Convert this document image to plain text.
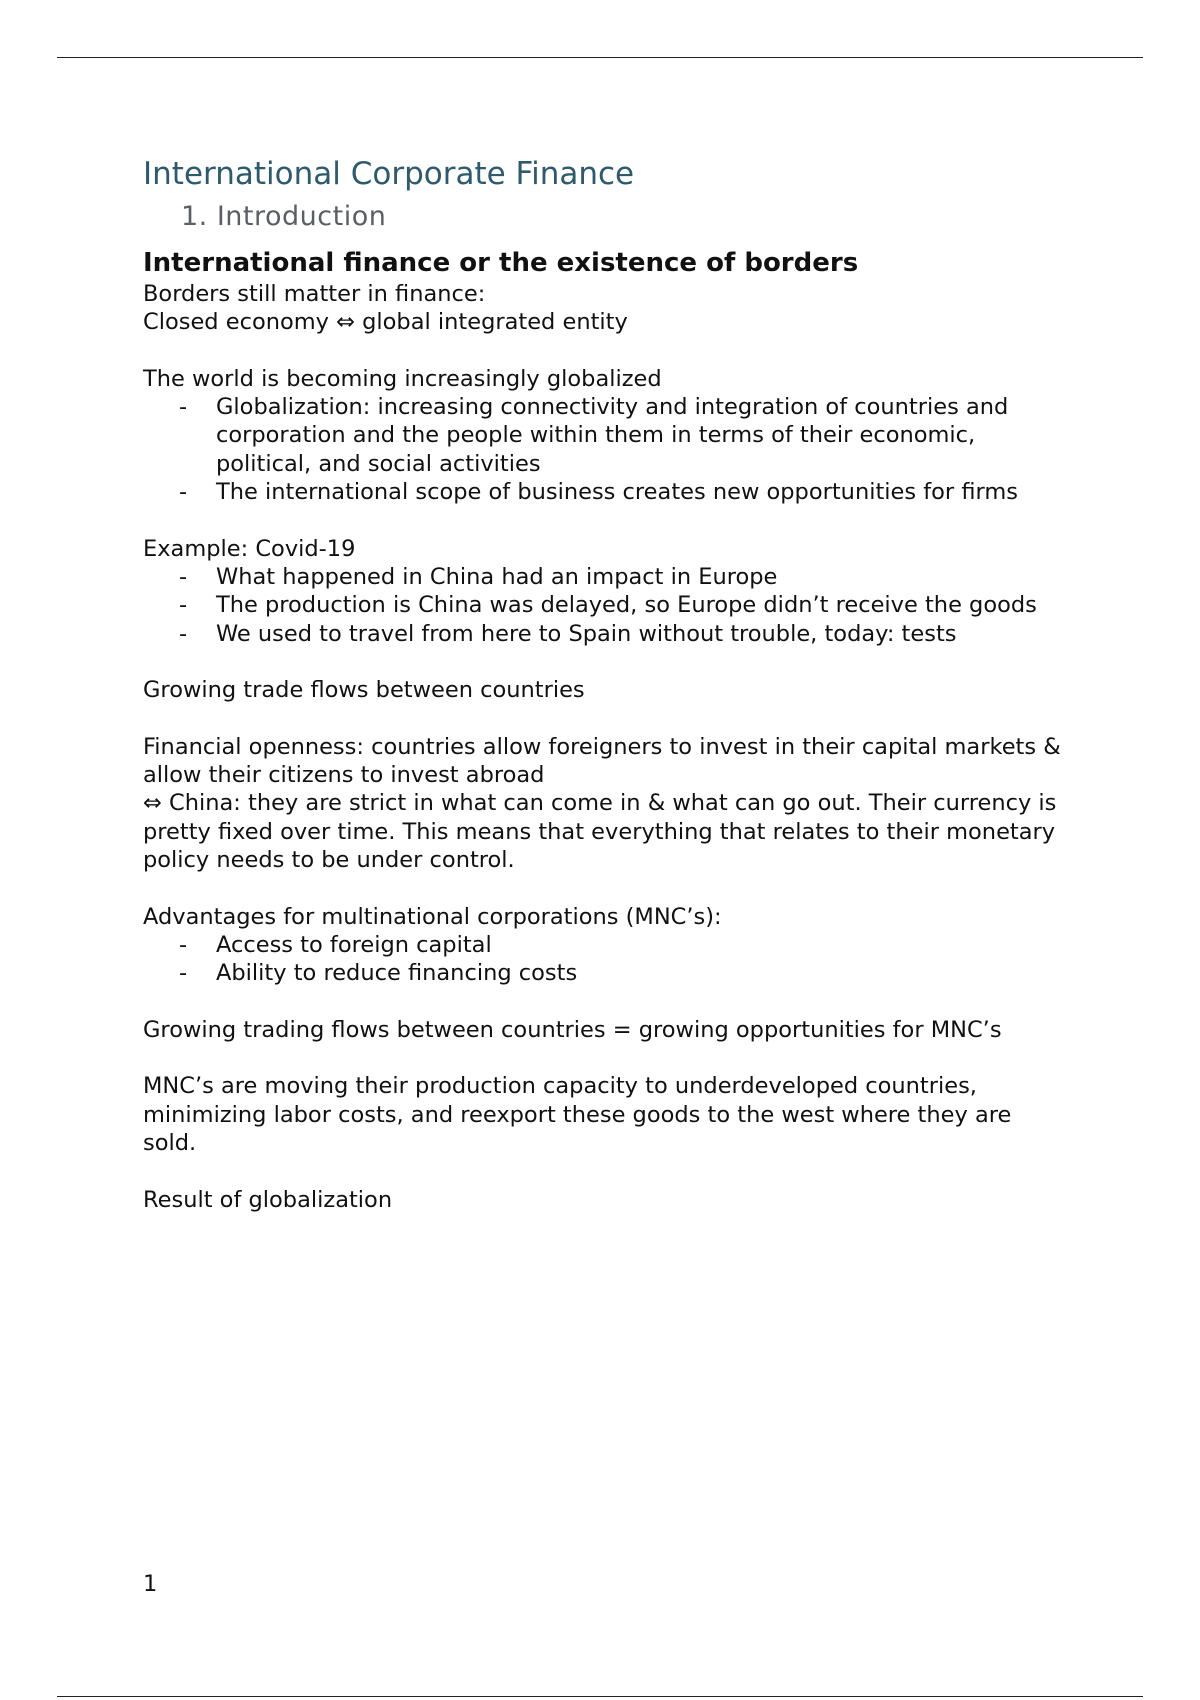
International Corporate Finance
1. Introduction
International finance or the existence of borders

Borders still matter in finance:

Closed economy ⇔ global integrated entity

The world is becoming increasingly globalized

- Globalization: increasing connectivity and integration of countries and corporation and the people within them in terms of their economic, political, and social activities
- The international scope of business creates new opportunities for firms

Example: Covid-19

- What happened in China had an impact in Europe
- The production is China was delayed, so Europe didn’t receive the goods
- We used to travel from here to Spain without trouble, today: tests

Growing trade flows between countries

Financial openness: countries allow foreigners to invest in their capital markets & allow their citizens to invest abroad

⇔ China: they are strict in what can come in & what can go out. Their currency is pretty fixed over time. This means that everything that relates to their monetary policy needs to be under control.

Advantages for multinational corporations (MNC’s):

- Access to foreign capital
- Ability to reduce financing costs

Growing trading flows between countries = growing opportunities for MNC’s

MNC’s are moving their production capacity to underdeveloped countries, minimizing labor costs, and reexport these goods to the west where they are sold.

Result of globalization

1
